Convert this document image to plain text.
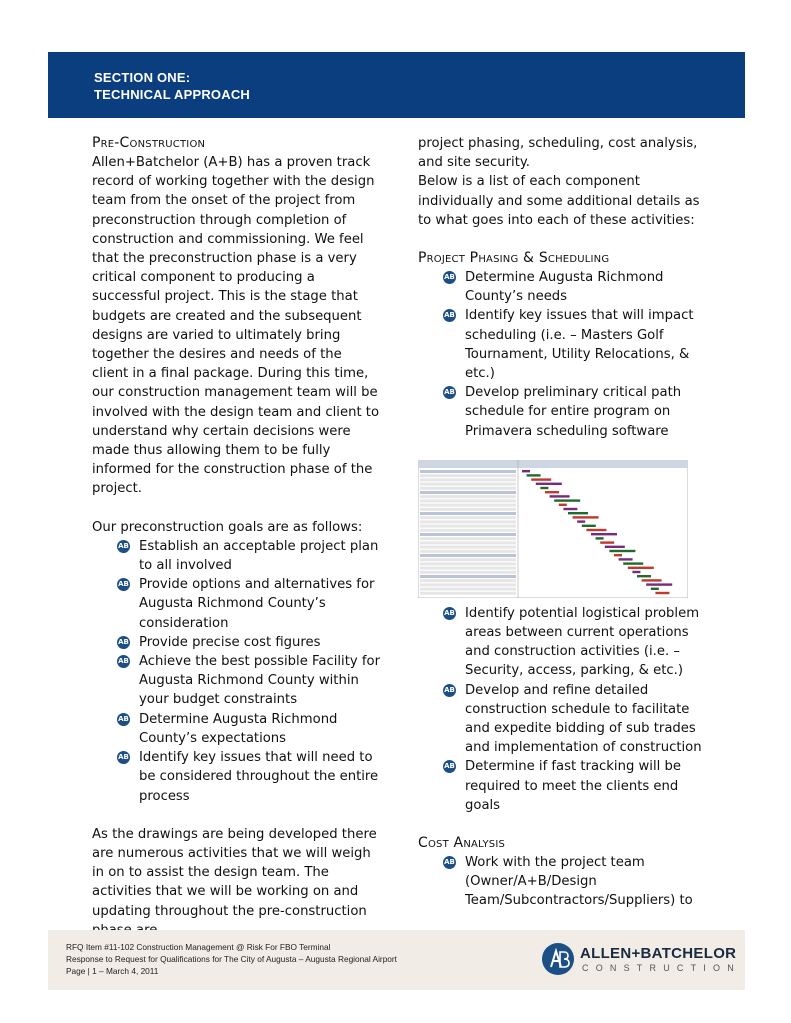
SECTION ONE:
TECHNICAL APPROACH
Pre-Construction

Allen+Batchelor (A+B) has a proven track record of working together with the design team from the onset of the project from preconstruction through completion of construction and commissioning. We feel that the preconstruction phase is a very critical component to producing a successful project. This is the stage that budgets are created and the subsequent designs are varied to ultimately bring together the desires and needs of the client in a final package. During this time, our construction management team will be involved with the design team and client to understand why certain decisions were made thus allowing them to be fully informed for the construction phase of the project.

Our preconstruction goals are as follows:

AB Establish an acceptable project plan to all involved
AB Provide options and alternatives for Augusta Richmond County’s consideration
AB Provide precise cost figures
AB Achieve the best possible Facility for Augusta Richmond County within your budget constraints
AB Determine Augusta Richmond County’s expectations
AB Identify key issues that will need to be considered throughout the entire process

As the drawings are being developed there are numerous activities that we will weigh in on to assist the design team. The activities that we will be working on and updating throughout the pre-construction

project phasing, scheduling, cost analysis, and site security.

Below is a list of each component individually and some additional details as to what goes into each of these activities:

Project Phasing & Scheduling
AB Determine Augusta Richmond County’s needs
AB Identify key issues that will impact scheduling (i.e. – Masters Golf Tournament, Utility Relocations, & etc.)
AB Develop preliminary critical path schedule for entire program on Primavera scheduling software
AB Identify potential logistical problem areas between current operations and construction activities (i.e. – Security, access, parking, & etc.)
AB Develop and refine detailed construction schedule to facilitate and expedite bidding of sub trades and implementation of construction
AB Determine if fast tracking will be required to meet the clients end goals
Cost Analysis
AB Work with the project team (Owner/A+B/Design Team/Subcontractors/Suppliers) to
RFQ Item #11-102 Construction Management @ Risk For FBO Terminal
Response to Request for Qualifications for The City of Augusta – Augusta Regional Airport
Page | 1 – March 4, 2011
ALLEN+BATCHELOR
CONSTRUCTION
